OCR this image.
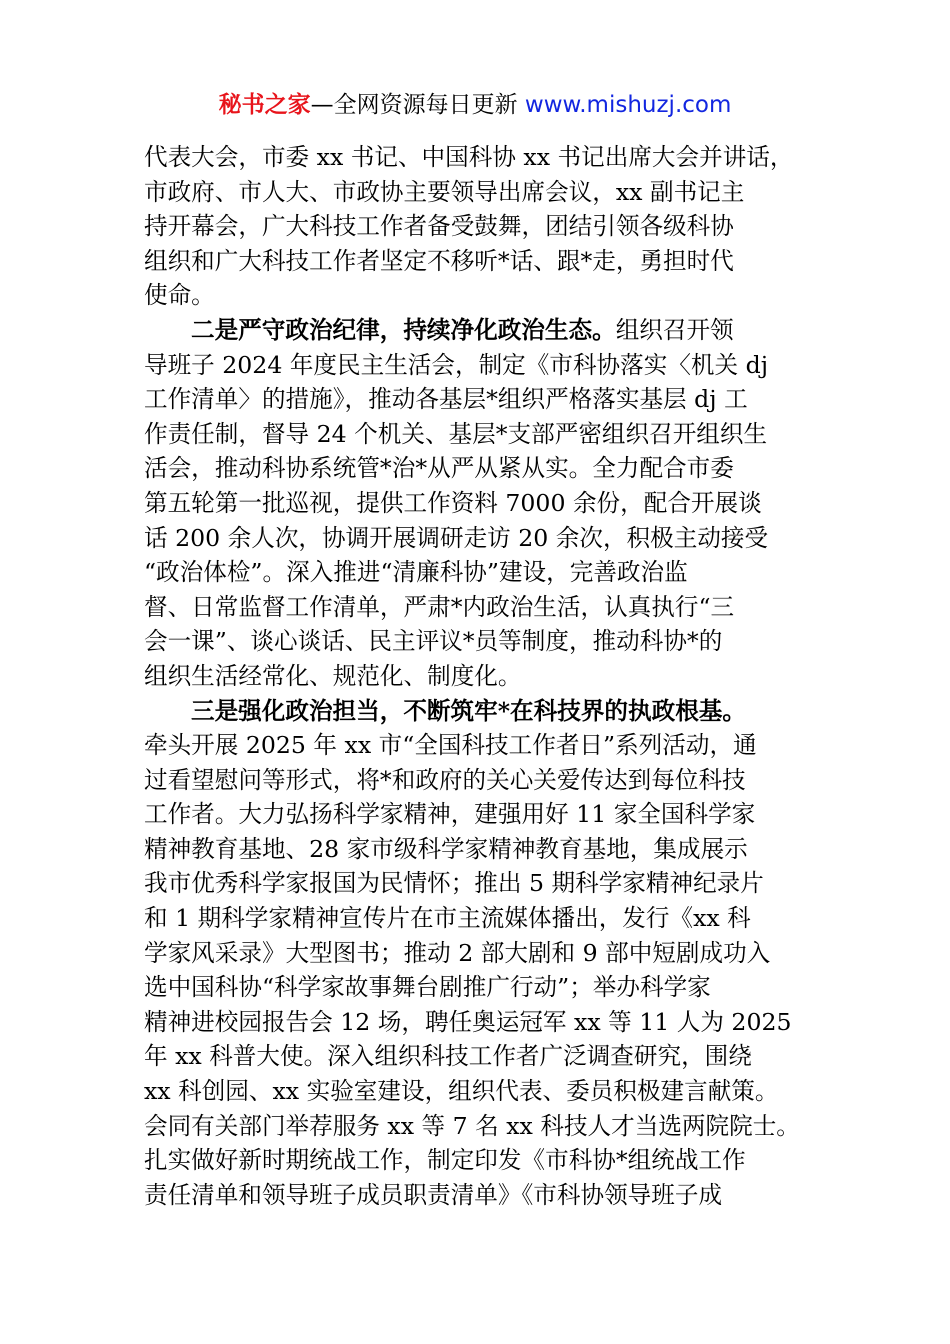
秘书之家—全网资源每日更新 www.mishuzj.com
代表大会，市委 xx 书记、中国科协 xx 书记出席大会并讲话，
市政府、市人大、市政协主要领导出席会议，xx 副书记主
持开幕会，广大科技工作者备受鼓舞，团结引领各级科协
组织和广大科技工作者坚定不移听*话、跟*走，勇担时代
使命。
二是严守政治纪律，持续净化政治生态。组织召开领
导班子 2024 年度民主生活会，制定《市科协落实〈机关 dj
工作清单〉的措施》，推动各基层*组织严格落实基层 dj 工
作责任制，督导 24 个机关、基层*支部严密组织召开组织生
活会，推动科协系统管*治*从严从紧从实。全力配合市委
第五轮第一批巡视，提供工作资料 7000 余份，配合开展谈
话 200 余人次，协调开展调研走访 20 余次，积极主动接受
“政治体检”。深入推进“清廉科协”建设，完善政治监
督、日常监督工作清单，严肃*内政治生活，认真执行“三
会一课”、谈心谈话、民主评议*员等制度，推动科协*的
组织生活经常化、规范化、制度化。
三是强化政治担当，不断筑牢*在科技界的执政根基。
牵头开展 2025 年 xx 市“全国科技工作者日”系列活动，通
过看望慰问等形式，将*和政府的关心关爱传达到每位科技
工作者。大力弘扬科学家精神，建强用好 11 家全国科学家
精神教育基地、28 家市级科学家精神教育基地，集成展示
我市优秀科学家报国为民情怀；推出 5 期科学家精神纪录片
和 1 期科学家精神宣传片在市主流媒体播出，发行《xx 科
学家风采录》大型图书；推动 2 部大剧和 9 部中短剧成功入
选中国科协“科学家故事舞台剧推广行动”；举办科学家
精神进校园报告会 12 场，聘任奥运冠军 xx 等 11 人为 2025
年 xx 科普大使。深入组织科技工作者广泛调查研究，围绕
xx 科创园、xx 实验室建设，组织代表、委员积极建言献策。
会同有关部门举荐服务 xx 等 7 名 xx 科技人才当选两院院士。
扎实做好新时期统战工作，制定印发《市科协*组统战工作
责任清单和领导班子成员职责清单》《市科协领导班子成
